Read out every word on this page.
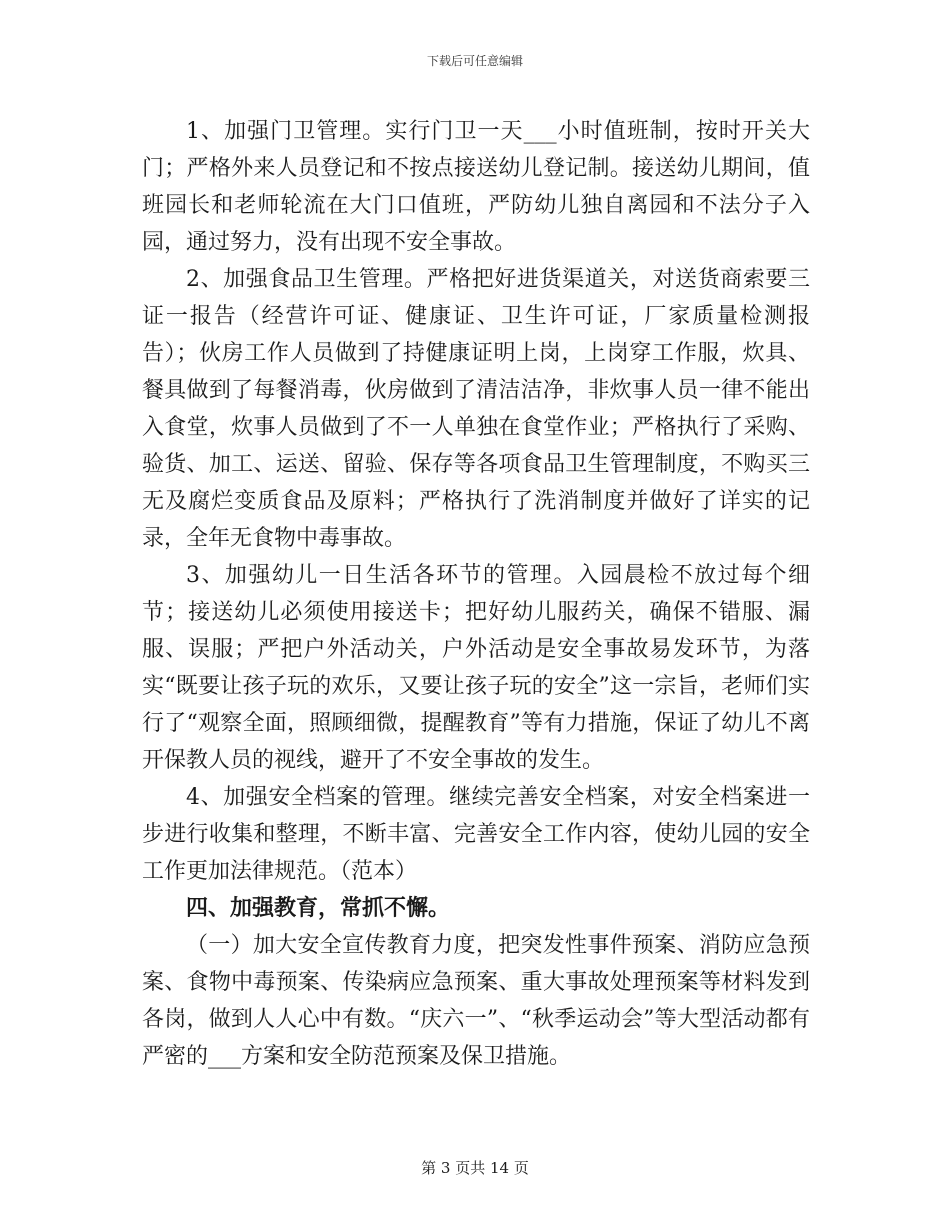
下载后可任意编辑

1、加强门卫管理。实行门卫一天___小时值班制，按时开关大门；严格外来人员登记和不按点接送幼儿登记制。接送幼儿期间，值班园长和老师轮流在大门口值班，严防幼儿独自离园和不法分子入园，通过努力，没有出现不安全事故。

2、加强食品卫生管理。严格把好进货渠道关，对送货商索要三证一报告（经营许可证、健康证、卫生许可证，厂家质量检测报告）；伙房工作人员做到了持健康证明上岗，上岗穿工作服，炊具、餐具做到了每餐消毒，伙房做到了清洁洁净，非炊事人员一律不能出入食堂，炊事人员做到了不一人单独在食堂作业；严格执行了采购、验货、加工、运送、留验、保存等各项食品卫生管理制度，不购买三无及腐烂变质食品及原料；严格执行了洗消制度并做好了详实的记录，全年无食物中毒事故。

3、加强幼儿一日生活各环节的管理。入园晨检不放过每个细节；接送幼儿必须使用接送卡；把好幼儿服药关，确保不错服、漏服、误服；严把户外活动关，户外活动是安全事故易发环节，为落实“既要让孩子玩的欢乐，又要让孩子玩的安全”这一宗旨，老师们实行了“观察全面，照顾细微，提醒教育”等有力措施，保证了幼儿不离开保教人员的视线，避开了不安全事故的发生。

4、加强安全档案的管理。继续完善安全档案，对安全档案进一步进行收集和整理，不断丰富、完善安全工作内容，使幼儿园的安全工作更加法律规范。（范本）

四、加强教育，常抓不懈。

（一）加大安全宣传教育力度，把突发性事件预案、消防应急预案、食物中毒预案、传染病应急预案、重大事故处理预案等材料发到各岗，做到人人心中有数。“庆六一”、“秋季运动会”等大型活动都有严密的___方案和安全防范预案及保卫措施。

第 3 页共 14 页
